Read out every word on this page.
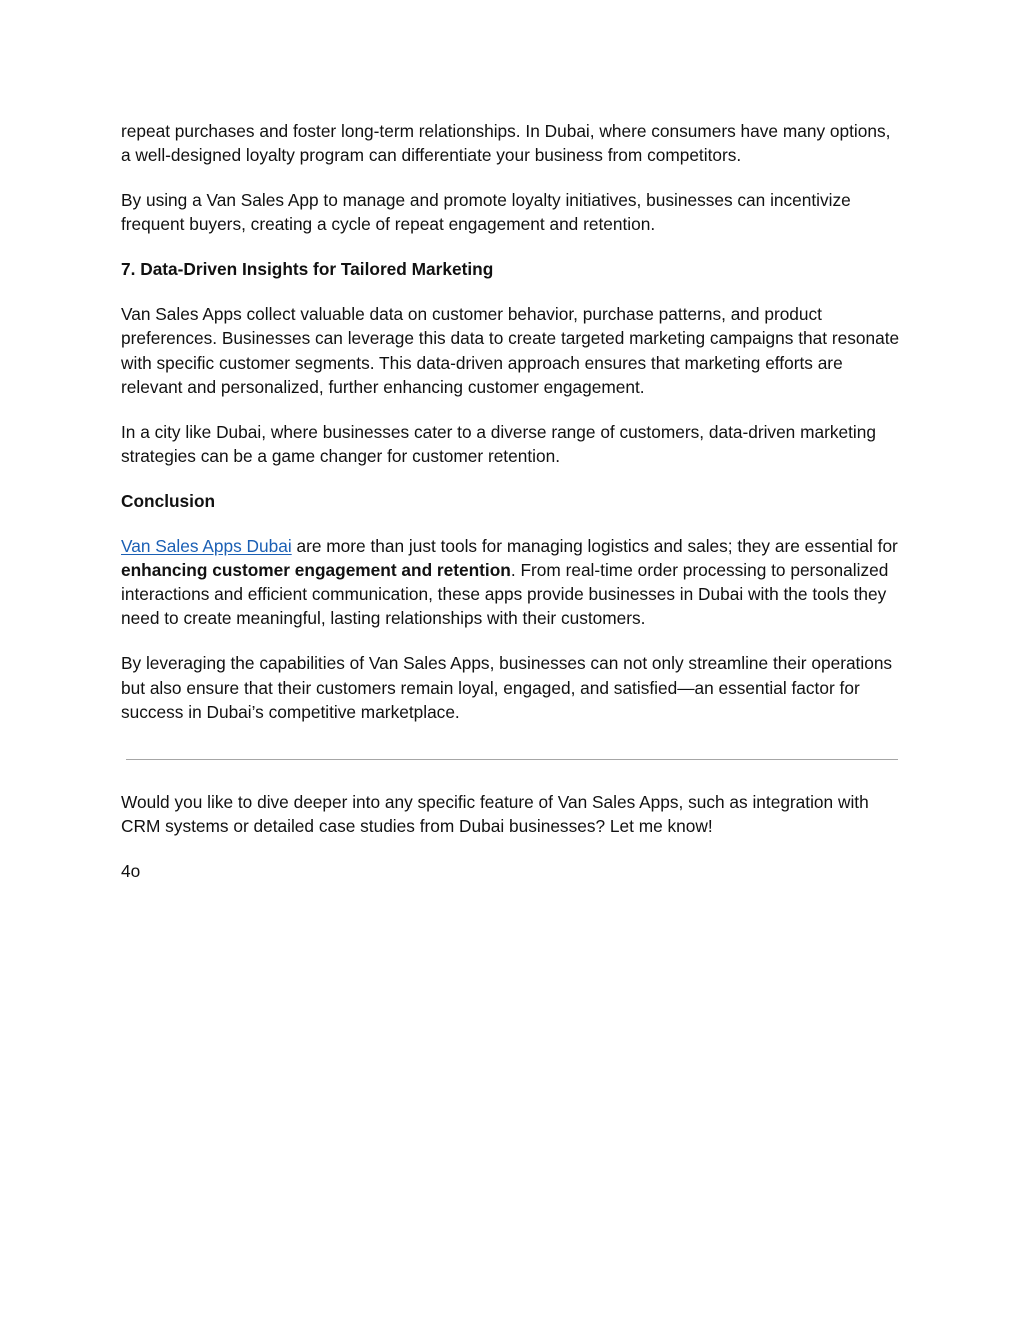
repeat purchases and foster long-term relationships. In Dubai, where consumers have many options, a well-designed loyalty program can differentiate your business from competitors.

By using a Van Sales App to manage and promote loyalty initiatives, businesses can incentivize frequent buyers, creating a cycle of repeat engagement and retention.

7. Data-Driven Insights for Tailored Marketing

Van Sales Apps collect valuable data on customer behavior, purchase patterns, and product preferences. Businesses can leverage this data to create targeted marketing campaigns that resonate with specific customer segments. This data-driven approach ensures that marketing efforts are relevant and personalized, further enhancing customer engagement.

In a city like Dubai, where businesses cater to a diverse range of customers, data-driven marketing strategies can be a game changer for customer retention.

Conclusion

Van Sales Apps Dubai are more than just tools for managing logistics and sales; they are essential for enhancing customer engagement and retention. From real-time order processing to personalized interactions and efficient communication, these apps provide businesses in Dubai with the tools they need to create meaningful, lasting relationships with their customers.

By leveraging the capabilities of Van Sales Apps, businesses can not only streamline their operations but also ensure that their customers remain loyal, engaged, and satisfied—an essential factor for success in Dubai’s competitive marketplace.

Would you like to dive deeper into any specific feature of Van Sales Apps, such as integration with CRM systems or detailed case studies from Dubai businesses? Let me know!

4o
